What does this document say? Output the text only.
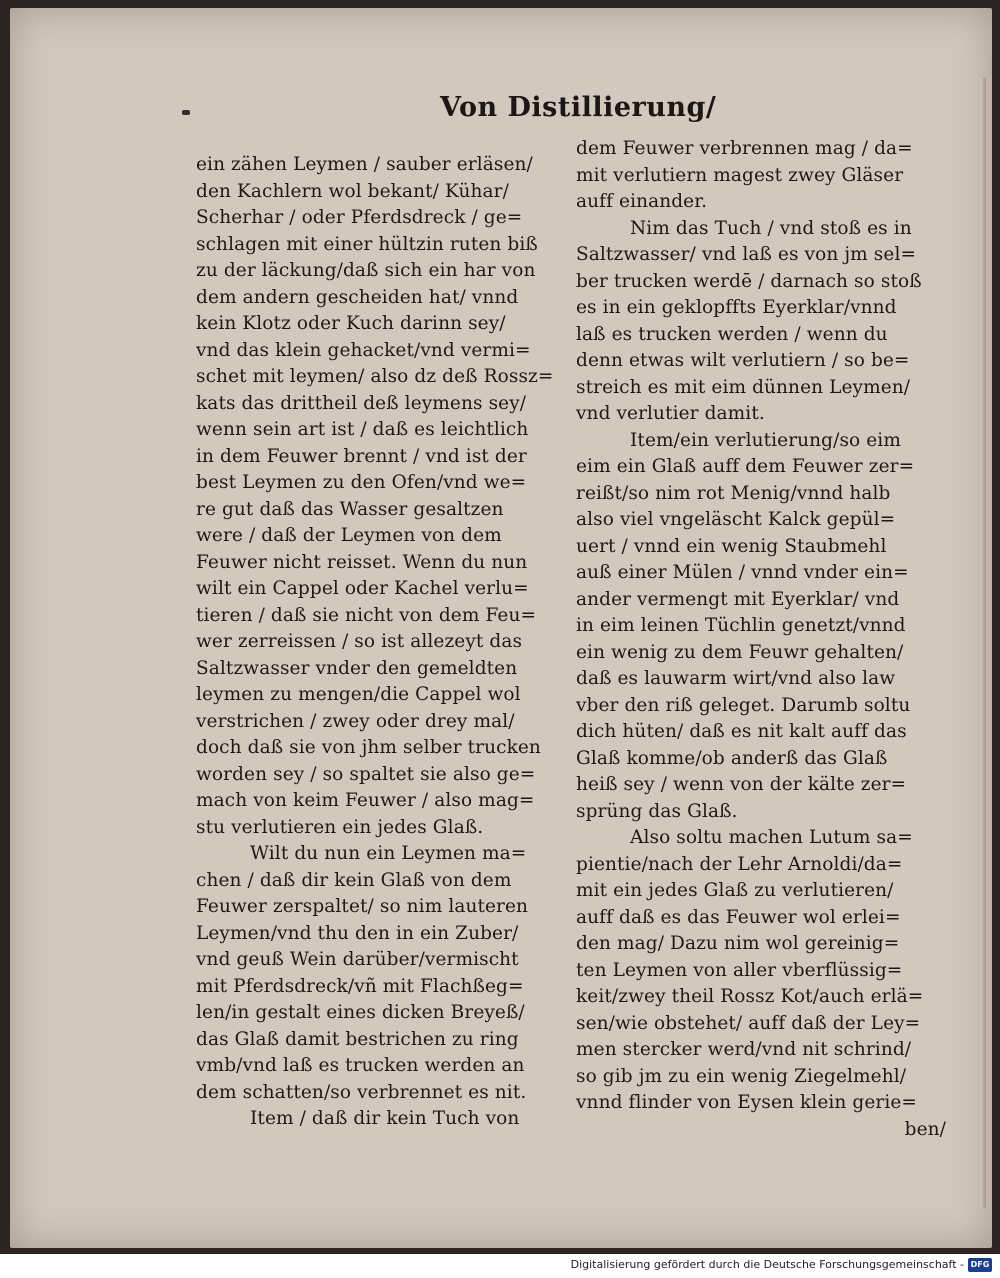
Von Distillierung/
ein zähen Leymen / sauber erläsen/
den Kachlern wol bekant/ Kühar/
Scherhar / oder Pferdsdreck / ge=
schlagen mit einer hültzin ruten biß
zu der läckung/daß sich ein har von
dem andern gescheiden hat/ vnnd
kein Klotz oder Kuch darinn sey/
vnd das klein gehacket/vnd vermi=
schet mit leymen/ also dz deß Rossz=
kats das drittheil deß leymens sey/
wenn sein art ist / daß es leichtlich
in dem Feuwer brennt / vnd ist der
best Leymen zu den Ofen/vnd we=
re gut daß das Wasser gesaltzen
were / daß der Leymen von dem
Feuwer nicht reisset. Wenn du nun
wilt ein Cappel oder Kachel verlu=
tieren / daß sie nicht von dem Feu=
wer zerreissen / so ist allezeyt das
Saltzwasser vnder den gemeldten
leymen zu mengen/die Cappel wol
verstrichen / zwey oder drey mal/
doch daß sie von jhm selber trucken
worden sey / so spaltet sie also ge=
mach von keim Feuwer / also mag=
stu verlutieren ein jedes Glaß.
Wilt du nun ein Leymen ma=
chen / daß dir kein Glaß von dem
Feuwer zerspaltet/ so nim lauteren
Leymen/vnd thu den in ein Zuber/
vnd geuß Wein darüber/vermischt
mit Pferdsdreck/vñ mit Flachßeg=
len/in gestalt eines dicken Breyeß/
das Glaß damit bestrichen zu ring
vmb/vnd laß es trucken werden an
dem schatten/so verbrennet es nit.
Item / daß dir kein Tuch von
dem Feuwer verbrennen mag / da=
mit verlutiern magest zwey Gläser
auff einander.
Nim das Tuch / vnd stoß es in
Saltzwasser/ vnd laß es von jm sel=
ber trucken werdē / darnach so stoß
es in ein geklopffts Eyerklar/vnnd
laß es trucken werden / wenn du
denn etwas wilt verlutiern / so be=
streich es mit eim dünnen Leymen/
vnd verlutier damit.
Item/ein verlutierung/so eim
eim ein Glaß auff dem Feuwer zer=
reißt/so nim rot Menig/vnnd halb
also viel vngeläscht Kalck gepül=
uert / vnnd ein wenig Staubmehl
auß einer Mülen / vnnd vnder ein=
ander vermengt mit Eyerklar/ vnd
in eim leinen Tüchlin genetzt/vnnd
ein wenig zu dem Feuwr gehalten/
daß es lauwarm wirt/vnd also law
vber den riß geleget. Darumb soltu
dich hüten/ daß es nit kalt auff das
Glaß komme/ob anderß das Glaß
heiß sey / wenn von der kälte zer=
sprüng das Glaß.
Also soltu machen Lutum sa=
pientie/nach der Lehr Arnoldi/da=
mit ein jedes Glaß zu verlutieren/
auff daß es das Feuwer wol erlei=
den mag/ Dazu nim wol gereinig=
ten Leymen von aller vberflüssig=
keit/zwey theil Rossz Kot/auch erlä=
sen/wie obstehet/ auff daß der Ley=
men stercker werd/vnd nit schrind/
so gib jm zu ein wenig Ziegelmehl/
vnnd flinder von Eysen klein gerie=
ben/
Digitalisierung gefördert durch die Deutsche Forschungsgemeinschaft - DFG
